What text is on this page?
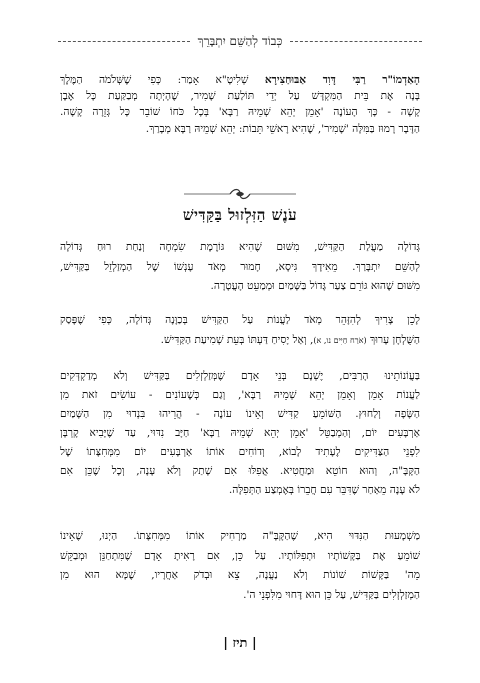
כְּבוֹד לְהַשֵּׁם יִתְבָּרֵךְ
הָאַדְמוֹ"ר רַבִּי דָּוִד אַבּוּחַצִירָא שְׁלִיטָ"א אָמַר: כְּפִי שֶׁשְּׁלֹמֹה הַמֶּלֶךְ
בָּנָה אֶת בֵּית הַמִּקְדָּשׁ עַל יְדֵי תּוֹלַעַת שָׁמִיר, שֶׁהָיְתָה מְבַקַּעַת כָּל אֶבֶן
קָשָׁה - כָּךְ הָעוֹנֶה 'אָמֵן יְהֵא שְׁמֵיהּ רַבָּא' בְּכָל כֹּחוֹ שׁוֹבֵר כָּל גְּזֵרָה קָשָׁה.
הַדָּבָר רָמוּז בַּמִּלָּה 'שָׁמִיר', שֶׁהִיא רָאשֵׁי תֵּבוֹת: יְהֵא שְׁמֵיהּ רַבָּא מְבָרַךְ.
עֹנֶשׁ הַזִּלְזוּל בַּקַּדִּישׁ
גְּדוֹלָה מַעֲלַת הַקַּדִּישׁ, מִשּׁוּם שֶׁהִיא גּוֹרֶמֶת שִׂמְחָה וְנַחַת רוּחַ גְּדוֹלָה
לְהַשֵּׁם יִתְבָּרַךְ. מֵאִידָךְ גִּיסָא, חָמוּר מְאֹד עָנְשׁוֹ שֶׁל הַמְזַלְזֵל בַּקַּדִּישׁ,
מִשּׁוּם שֶׁהוּא גּוֹרֵם צַעַר גָּדוֹל בַּשָּׁמַיִם וּמְמַעֵט הָעֲטָרָה.
לָכֵן צָרִיךְ לְהִזָּהֵר מְאֹד לַעֲנוֹת עַל הַקַּדִּישׁ בְּכַוָּנָה גְּדוֹלָה, כְּפִי שֶׁפָּסַק
הַשֻּׁלְחָן עָרוּךְ (אֹרַח חַיִּים נו, א), וְאַל יָסִיחַ דַּעְתּוֹ בְּעֵת שְׁמִיעַת הַקַּדִּישׁ.
בַּעֲוֹנוֹתֵינוּ הָרַבִּים, יֶשְׁנָם בְּנֵי אָדָם שֶׁמְּזַלְזְלִים בַּקַּדִּישׁ וְלֹא מְדַקְדְּקִים
לַעֲנוֹת אָמֵן וְאָמֵן יְהֵא שְׁמֵיהּ רַבָּא', וְגַם כְּשֶׁעוֹנִים - עוֹשִׂים זֹאת מִן
הַשָּׂפָה וְלַחוּץ. הַשּׁוֹמֵעַ קַדִּישׁ וְאֵינוֹ עוֹנֶה - הֲרֵיהוּ בִּנְדוּי מִן הַשָּׁמַיִם
אַרְבָּעִים יוֹם, וְהַמְבַטֵּל 'אָמֵן יְהֵא שְׁמֵיהּ רַבָּא' חַיָּב נִדּוּי, עַד שֶׁיָּבִיא קָרְבָּן
לִפְנֵי הַצַּדִּיקִים לֶעָתִיד לָבוֹא, וְדוֹחִים אוֹתוֹ אַרְבָּעִים יוֹם מִמְּחִצָּתוֹ שֶׁל
הַקָּבָּ"ה, וְהוּא חוֹטֵא וּמַחֲטִיא. אֲפִלּוּ אִם שָׁתַק וְלֹא עָנָה, וְכָל שֶׁכֵּן אִם
לֹא עָנָה מֵאַחַר שֶׁדִּבֵּר עִם חֲבֵרוֹ בְּאֶמְצַע הַתְּפִלָּה.
מַשְׁמָעוּת הַנִּדּוּי הִיא, שֶׁהַקָּבָּ"ה מַרְחִיק אוֹתוֹ מִמְּחִצָּתוֹ. הַיְנוּ, שֶׁאֵינוֹ
שׁוֹמֵעַ אֶת בַּקָּשׁוֹתָיו וּתְפִלּוֹתָיו. עַל כֵּן, אִם רָאִיתָ אָדָם שֶׁמִּתְחַנֵּן וּמְבַקֵּשׁ
מֵה' בַּקָּשׁוֹת שׁוֹנוֹת וְלֹא נַעֲנָה, צֵא וּבְדֹק אַחֲרָיו, שֶׁמָּא הוּא מִן
הַמְזַלְזְלִים בַּקַּדִּישׁ, עַל כֵּן הוּא דָּחוּי מִלִּפְנֵי ה'.
| תיז |
